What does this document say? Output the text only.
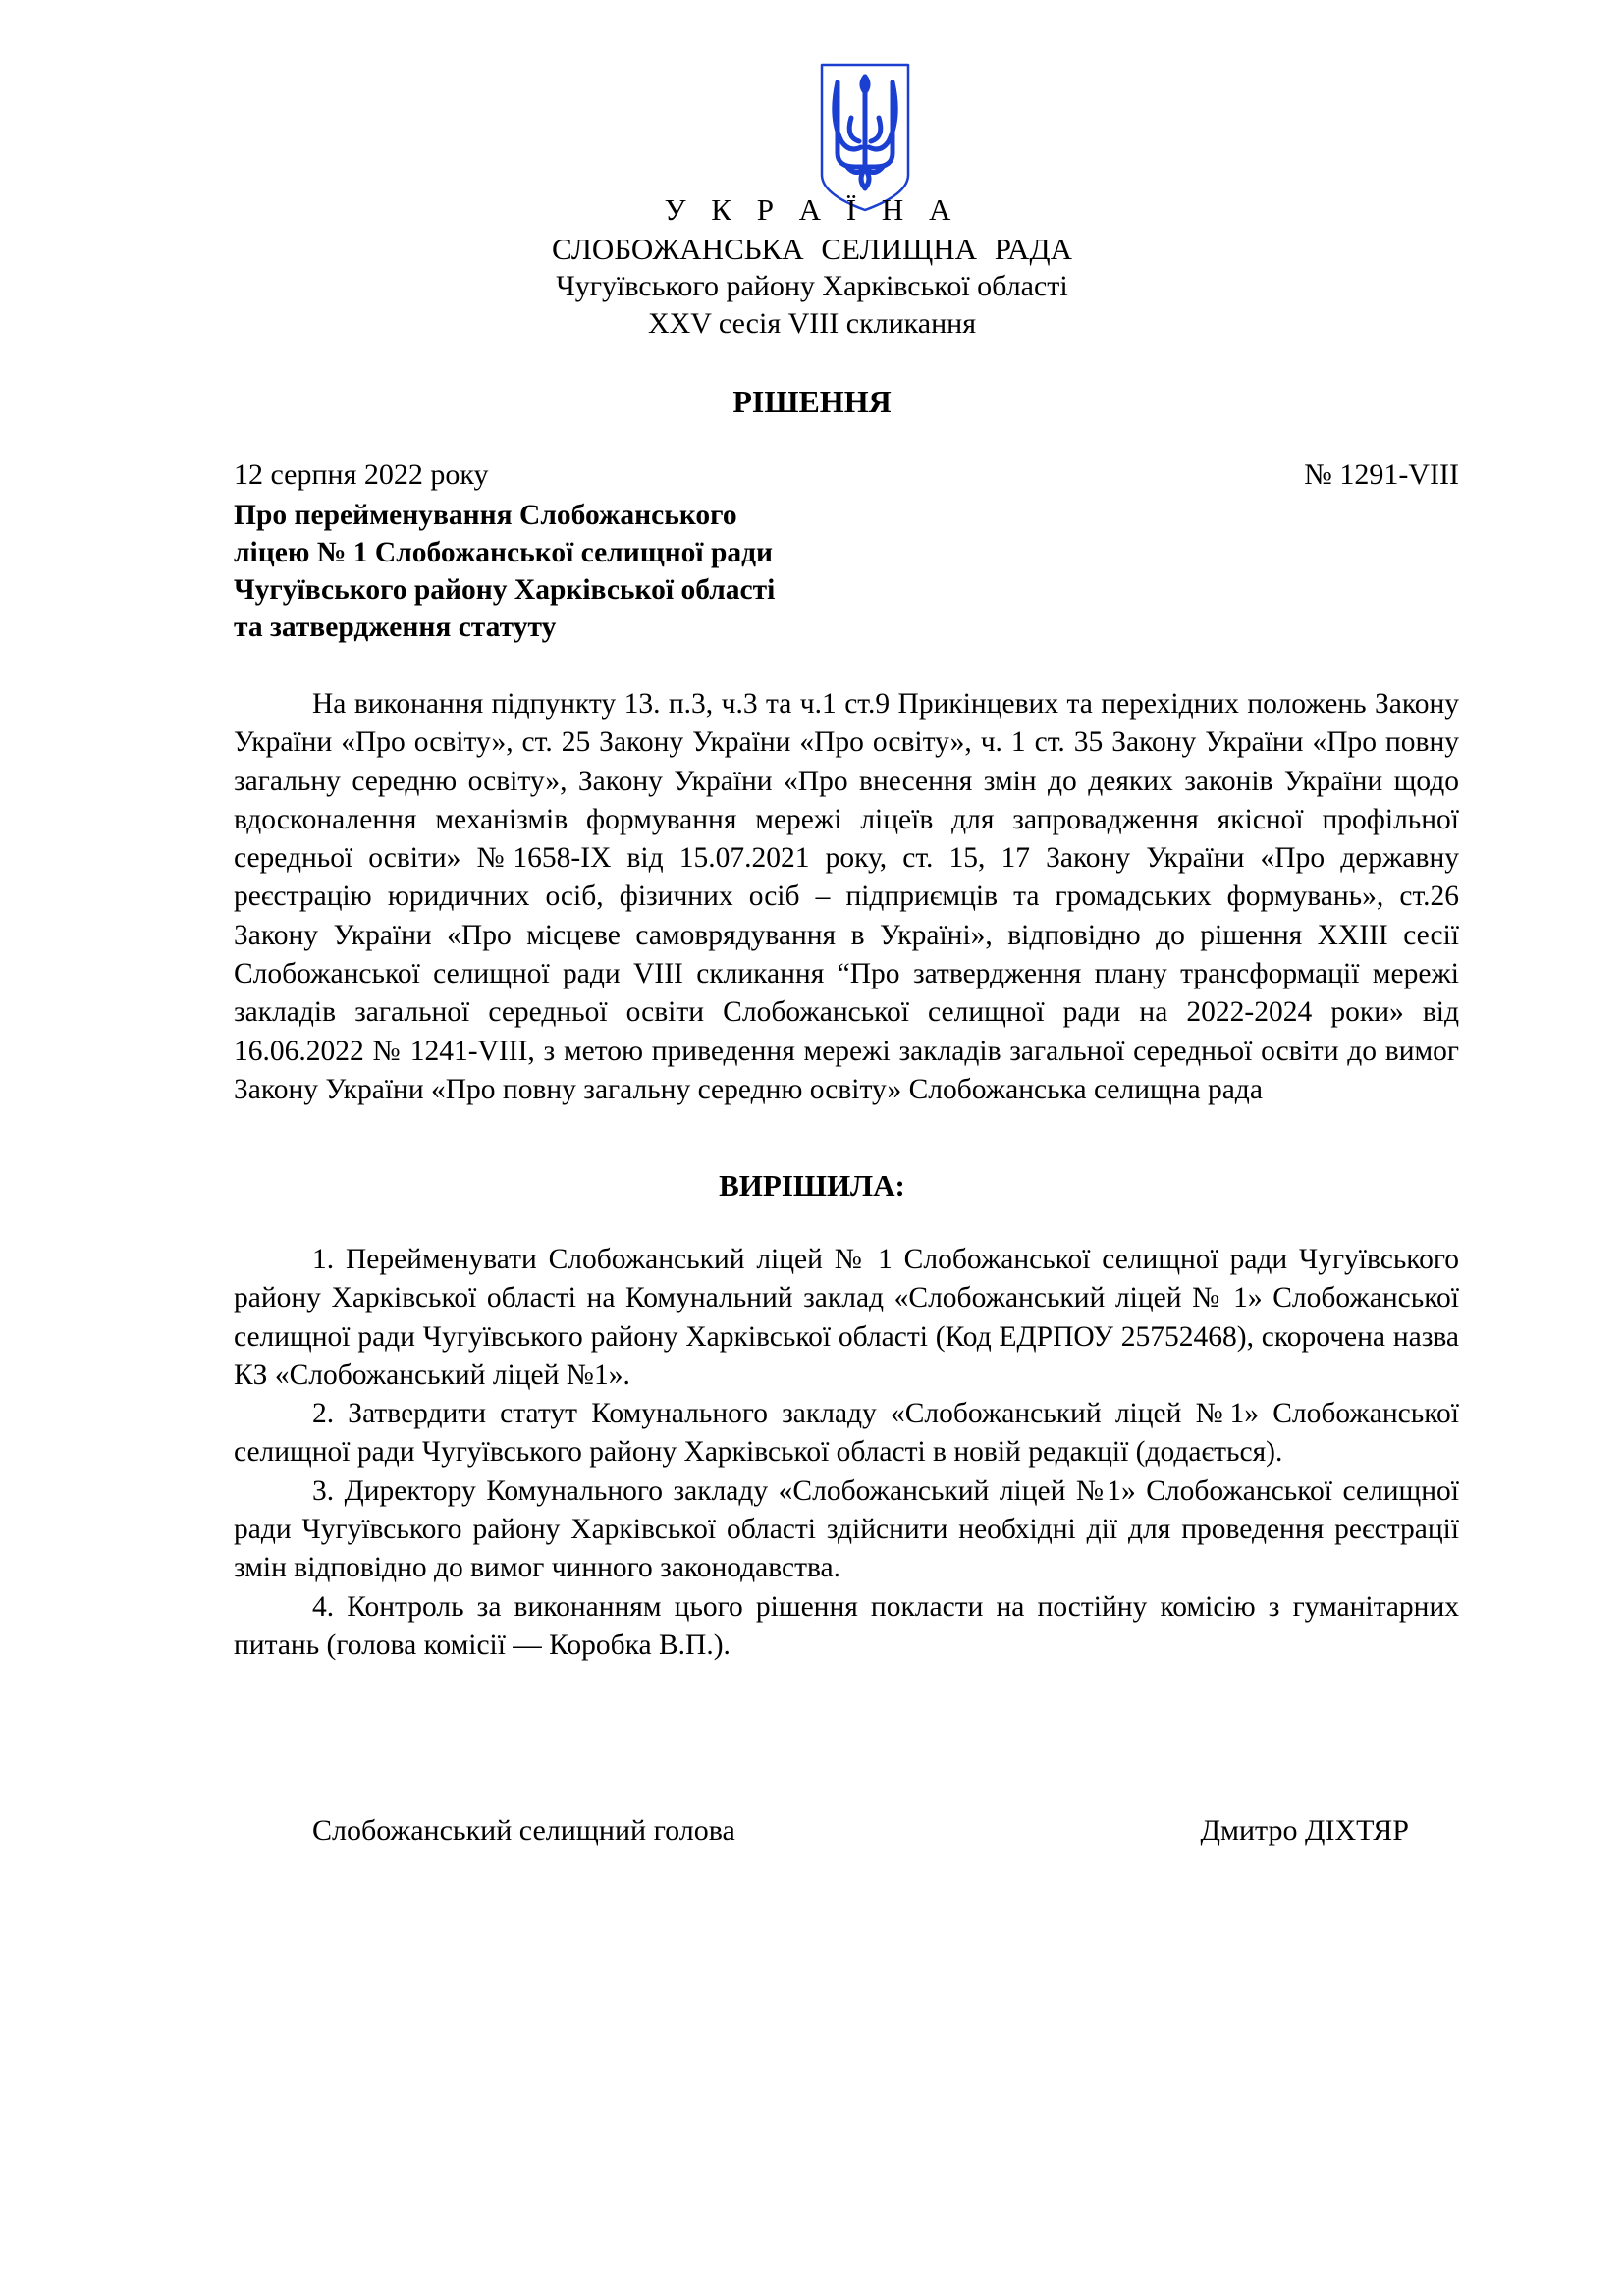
У К Р А Ї Н А
СЛОБОЖАНСЬКА СЕЛИЩНА РАДА
Чугуївського району Харківської області
XXV сесія VIII скликання
РІШЕННЯ
12 серпня 2022 року	№ 1291-VIII
Про перейменування Слобожанського
ліцею № 1 Слобожанської селищної ради
Чугуївського району Харківської області
та затвердження статуту
На виконання підпункту 13. п.3, ч.3 та ч.1 ст.9 Прикінцевих та перехідних положень Закону України «Про освіту», ст. 25 Закону України «Про освіту», ч. 1 ст. 35 Закону України «Про повну загальну середню освіту», Закону України «Про внесення змін до деяких законів України щодо вдосконалення механізмів формування мережі ліцеїв для запровадження якісної профільної середньої освіти» №1658-IX від 15.07.2021 року, ст. 15, 17 Закону України «Про державну реєстрацію юридичних осіб, фізичних осіб – підприємців та громадських формувань», ст.26 Закону України «Про місцеве самоврядування в Україні», відповідно до рішення XXIII сесії Слобожанської селищної ради VIII скликання “Про затвердження плану трансформації мережі закладів загальної середньої освіти Слобожанської селищної ради на 2022-2024 роки» від 16.06.2022 № 1241-VIII, з метою приведення мережі закладів загальної середньої освіти до вимог Закону України «Про повну загальну середню освіту» Слобожанська селищна рада
ВИРІШИЛА:
1. Перейменувати Слобожанський ліцей № 1 Слобожанської селищної ради Чугуївського району Харківської області на Комунальний заклад «Слобожанський ліцей № 1» Слобожанської селищної ради Чугуївського району Харківської області (Код ЕДРПОУ 25752468), скорочена назва КЗ «Слобожанський ліцей №1».
2. Затвердити статут Комунального закладу «Слобожанський ліцей №1» Слобожанської селищної ради Чугуївського району Харківської області в новій редакції (додається).
3. Директору Комунального закладу «Слобожанський ліцей №1» Слобожанської селищної ради Чугуївського району Харківської області здійснити необхідні дії для проведення реєстрації змін відповідно до вимог чинного законодавства.
4. Контроль за виконанням цього рішення покласти на постійну комісію з гуманітарних питань (голова комісії — Коробка В.П.).
Слобожанський селищний голова	Дмитро ДІХТЯР
